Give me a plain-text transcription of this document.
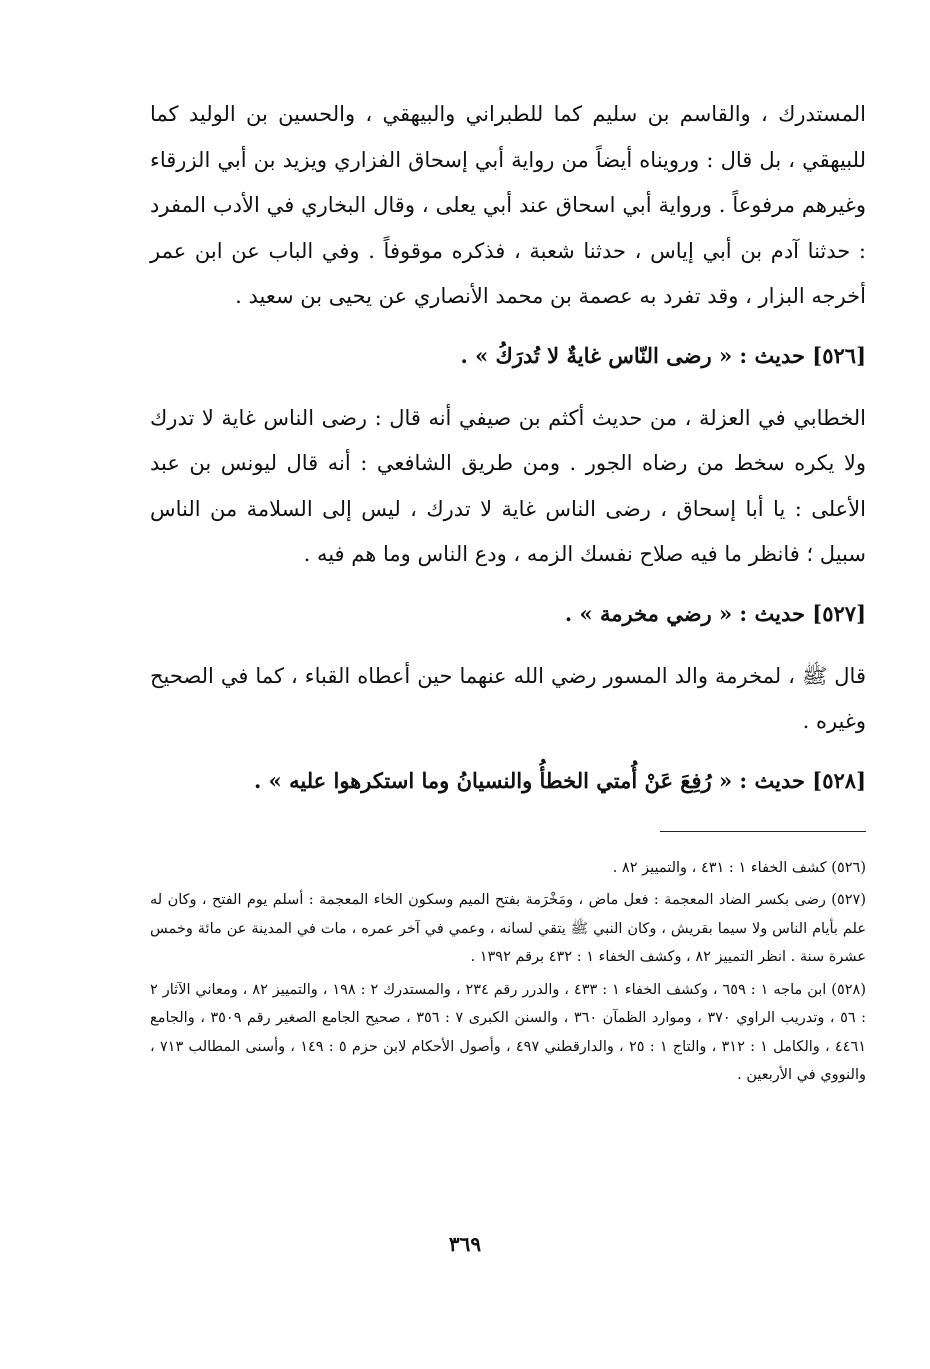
المستدرك ، والقاسم بن سليم كما للطبراني والبيهقي ، والحسين بن الوليد كما للبيهقي ، بل قال : ورويناه أيضاً من رواية أبي إسحاق الفزاري ويزيد بن أبي الزرقاء وغيرهم مرفوعاً . ورواية أبي اسحاق عند أبي يعلى ، وقال البخاري في الأدب المفرد : حدثنا آدم بن أبي إياس ، حدثنا شعبة ، فذكره موقوفاً . وفي الباب عن ابن عمر أخرجه البزار ، وقد تفرد به عصمة بن محمد الأنصاري عن يحيى بن سعيد .

[٥٢٦] حديث : « رضى النّاس غايةٌ لا تُدرَكُ » .

الخطابي في العزلة ، من حديث أكثم بن صيفي أنه قال : رضى الناس غاية لا تدرك ولا يكره سخط من رضاه الجور . ومن طريق الشافعي : أنه قال ليونس بن عبد الأعلى : يا أبا إسحاق ، رضى الناس غاية لا تدرك ، ليس إلى السلامة من الناس سبيل ؛ فانظر ما فيه صلاح نفسك الزمه ، ودع الناس وما هم فيه .

[٥٢٧] حديث : « رضي مخرمة » .

قال ﷺ ، لمخرمة والد المسور رضي الله عنهما حين أعطاه القباء ، كما في الصحيح وغيره .

[٥٢٨] حديث : « رُفِعَ عَنْ أُمتي الخطأُ والنسيانُ وما استكرهوا عليه » .

(٥٢٦) كشف الخفاء ١ : ٤٣١ ، والتمييز ٨٢ .

(٥٢٧) رضى بكسر الضاد المعجمة : فعل ماض ، ومَخْرَمة بفتح الميم وسكون الخاء المعجمة : أسلم يوم الفتح ، وكان له علم بأيام الناس ولا سيما بقريش ، وكان النبي ﷺ يتقي لسانه ، وعمي في آخر عمره ، مات في المدينة عن مائة وخمس عشرة سنة . انظر التمييز ٨٢ ، وكشف الخفاء ١ : ٤٣٢ برقم ١٣٩٢ .

(٥٢٨) ابن ماجه ١ : ٦٥٩ ، وكشف الخفاء ١ : ٤٣٣ ، والدرر رقم ٢٣٤ ، والمستدرك ٢ : ١٩٨ ، والتمييز ٨٢ ، ومعاني الآثار ٢ : ٥٦ ، وتدريب الراوي ٣٧٠ ، وموارد الظمآن ٣٦٠ ، والسنن الكبرى ٧ : ٣٥٦ ، صحيح الجامع الصغير رقم ٣٥٠٩ ، والجامع ٤٤٦١ ، والكامل ١ : ٣١٢ ، والتاج ١ : ٢٥ ، والدارقطني ٤٩٧ ، وأصول الأحكام لابن حزم ٥ : ١٤٩ ، وأسنى المطالب ٧١٣ ، والنووي في الأربعين .

٣٦٩
